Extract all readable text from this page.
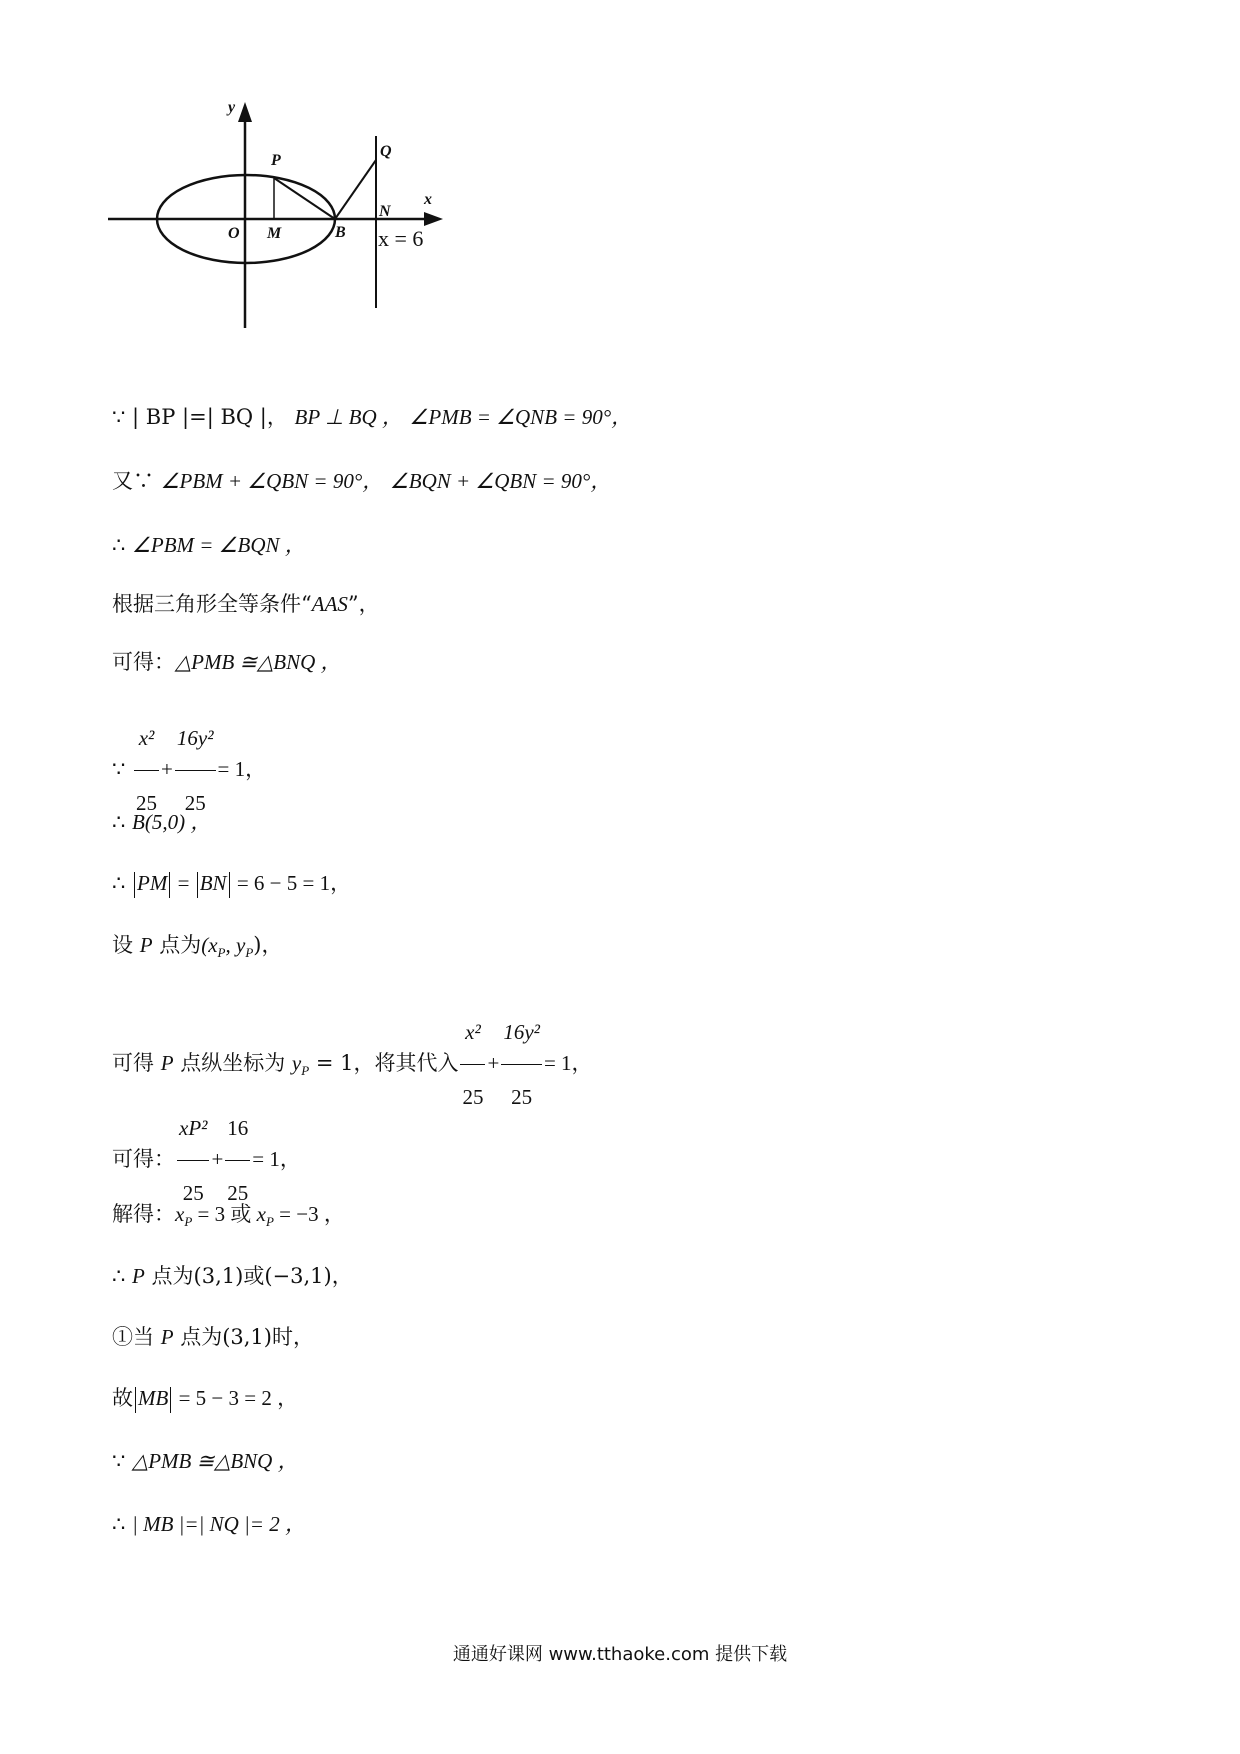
y
x
P
Q
N
O M	B x = 6
∵ | BP |=| BQ |， BP ⊥ BQ ， ∠PMB = ∠QNB = 90°，
又∵ ∠PBM + ∠QBN = 90°， ∠BQN + ∠QBN = 90°，
∴ ∠PBM = ∠BQN ，
根据三角形全等条件“AAS”，
可得：△PMB ≅△BNQ ，
∵ $\frac{\text{x²}}{25} + \frac{\text{16y²}}{25} = 1$，
∴ B(5,0) ，
∴ PM = BN = 6 − 5 = 1，
设 P 点为($x_P$, $y_P$)，
可得 P 点纵坐标为 $y_P = 1$，将其代入 $\frac{\text{x²}}{25} + \frac{\text{16y²}}{25} = 1$，
可得： $\frac{\text{xP²}}{25} + \frac{16}{25} = 1$，
解得：$x_P = 3$ 或 $x_P = -3$ ，
∴ P 点为(3,1)或(−3,1)，
①当 P 点为(3,1)时，
故 MB = 5 − 3 = 2 ，
∵ △PMB ≅△BNQ ，
∴ | MB |=| NQ |= 2 ，
通通好课网 www.tthaoke.com 提供下载
